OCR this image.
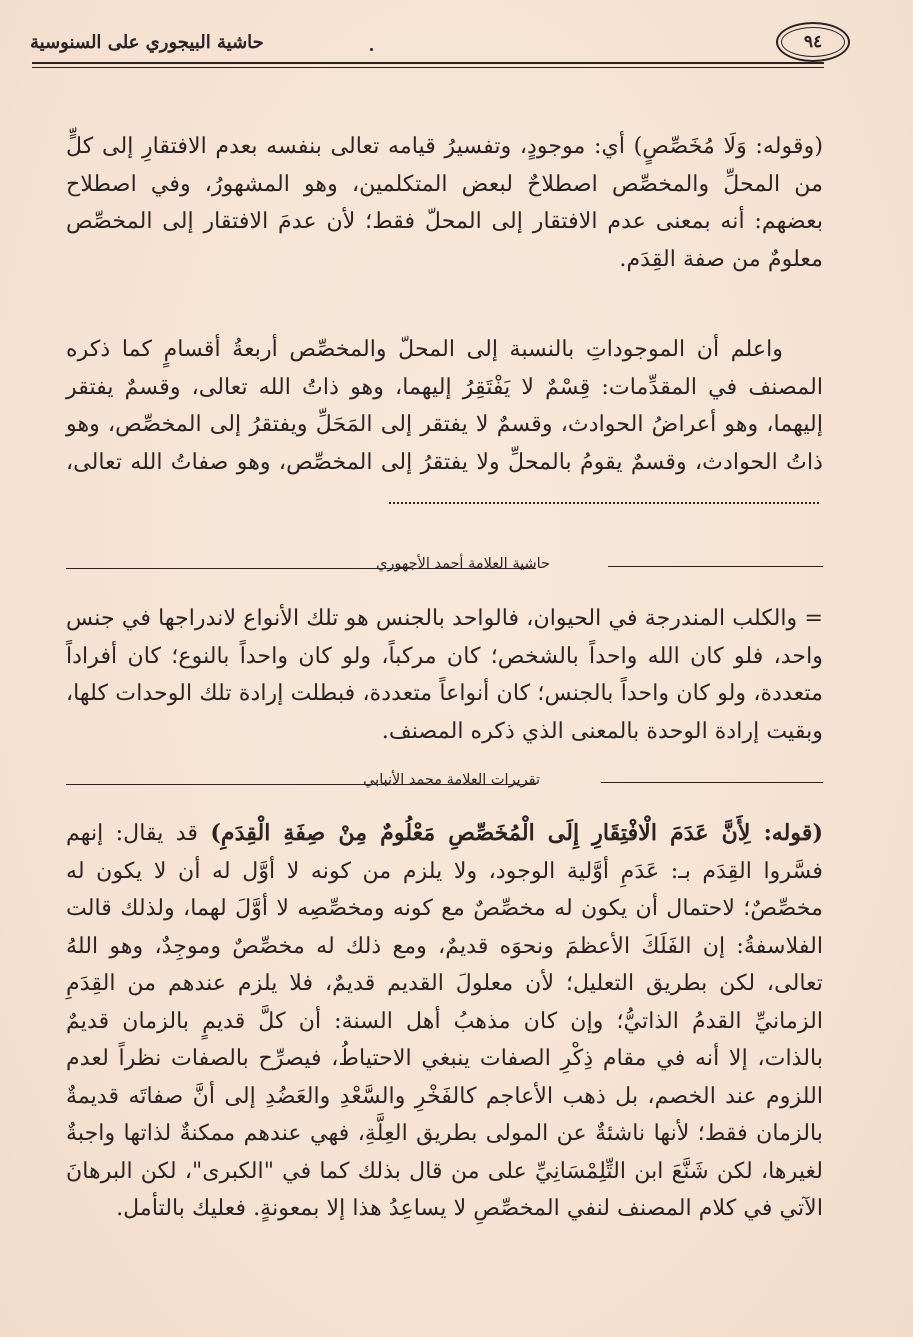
٩٤
حاشية البيجوري على السنوسية

(وقوله: وَلَا مُخَصِّصٍ) أي: موجودٍ، وتفسيرُ قيامه تعالى بنفسه بعدم الافتقارِ إلى كلٍّ من المحلِّ والمخصِّص اصطلاحٌ لبعض المتكلمين، وهو المشهورُ، وفي اصطلاح بعضهم: أنه بمعنى عدم الافتقار إلى المحلّ فقط؛ لأن عدمَ الافتقار إلى المخصِّص معلومٌ من صفة القِدَم.

واعلم أن الموجوداتِ بالنسبة إلى المحلّ والمخصِّص أربعةُ أقسامٍ كما ذكره المصنف في المقدِّمات: قِسْمٌ لا يَفْتَقِرُ إليهما، وهو ذاتُ الله تعالى، وقسمٌ يفتقر إليهما، وهو أعراضُ الحوادث، وقسمٌ لا يفتقر إلى المَحَلِّ ويفتقرُ إلى المخصِّص، وهو ذاتُ الحوادث، وقسمٌ يقومُ بالمحلِّ ولا يفتقرُ إلى المخصِّص، وهو صفاتُ الله تعالى،

حاشية العلامة أحمد الأجهوري

= والكلب المندرجة في الحيوان، فالواحد بالجنس هو تلك الأنواع لاندراجها في جنس واحد، فلو كان الله واحداً بالشخص؛ كان مركباً، ولو كان واحداً بالنوع؛ كان أفراداً متعددة، ولو كان واحداً بالجنس؛ كان أنواعاً متعددة، فبطلت إرادة تلك الوحدات كلها، وبقيت إرادة الوحدة بالمعنى الذي ذكره المصنف.

تقريرات العلامة محمد الأنبابي

(قوله: لِأَنَّ عَدَمَ الْافْتِقَارِ إِلَى الْمُخَصِّصِ مَعْلُومٌ مِنْ صِفَةِ الْقِدَمِ) قد يقال: إنهم فسَّروا القِدَم بـ: عَدَمِ أوَّلية الوجود، ولا يلزم من كونه لا أوَّل له أن لا يكون له مخصِّصٌ؛ لاحتمال أن يكون له مخصِّصٌ مع كونه ومخصِّصِه لا أوَّلَ لهما، ولذلك قالت الفلاسفةُ: إن الفَلَكَ الأعظمَ ونحوَه قديمٌ، ومع ذلك له مخصِّصٌ وموجِدٌ، وهو اللهُ تعالى، لكن بطريق التعليل؛ لأن معلولَ القديم قديمٌ، فلا يلزم عندهم من القِدَمِ الزمانيِّ القدمُ الذاتيُّ؛ وإن كان مذهبُ أهل السنة: أن كلَّ قديمٍ بالزمان قديمٌ بالذات، إلا أنه في مقام ذِكْرِ الصفات ينبغي الاحتياطُ، فيصرِّح بالصفات نظراً لعدم اللزوم عند الخصم، بل ذهب الأعاجم كالفَخْرِ والسَّعْدِ والعَضُدِ إلى أنَّ صفاتَه قديمةٌ بالزمان فقط؛ لأنها ناشئةٌ عن المولى بطريق العِلَّةِ، فهي عندهم ممكنةٌ لذاتها واجبةٌ لغيرها، لكن شَنَّعَ ابن التِّلِمْسَانِيِّ على من قال بذلك كما في "الكبرى"، لكن البرهانَ الآتي في كلام المصنف لنفي المخصِّصِ لا يساعِدُ هذا إلا بمعونةٍ. فعليك بالتأمل.
